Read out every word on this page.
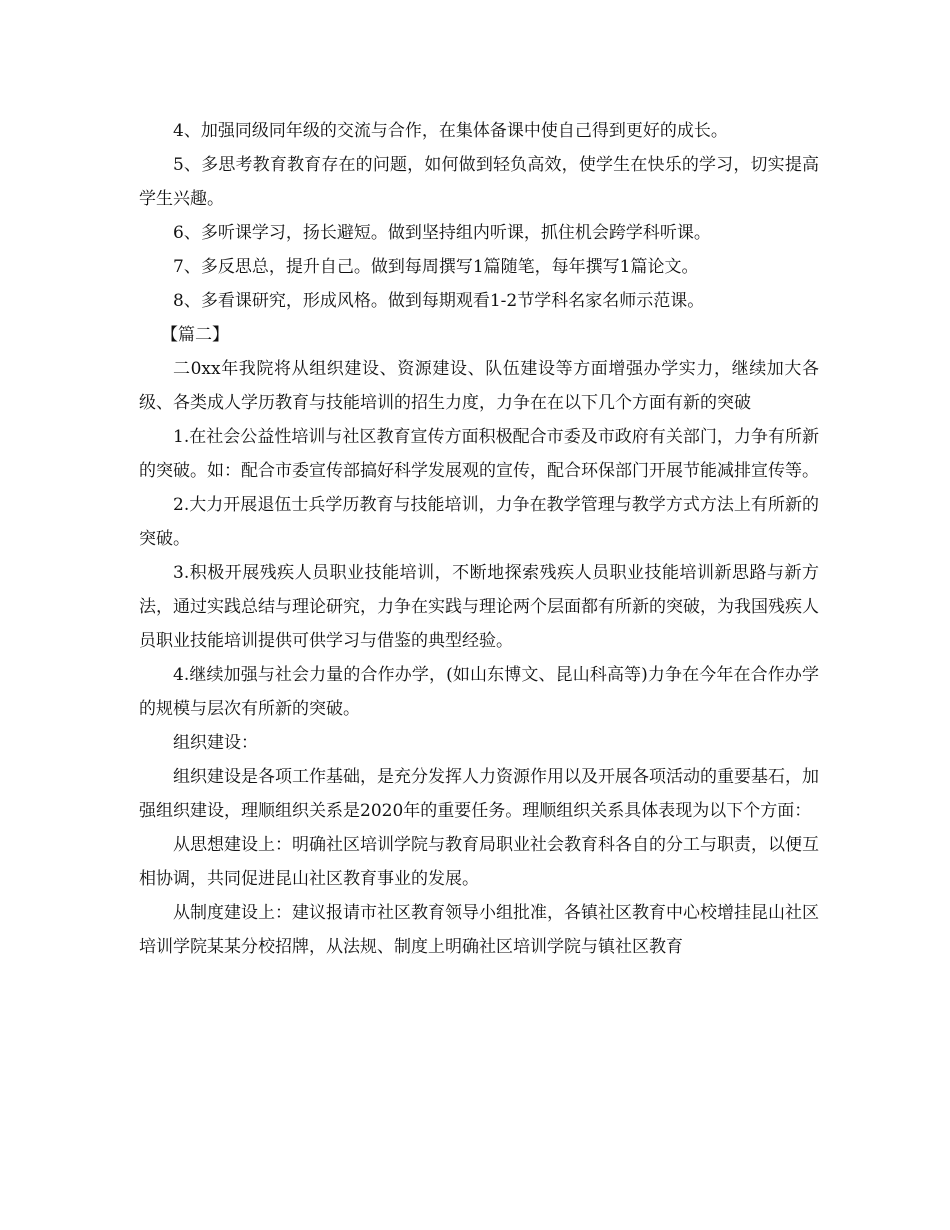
4、加强同级同年级的交流与合作，在集体备课中使自己得到更好的成长。

5、多思考教育教育存在的问题，如何做到轻负高效，使学生在快乐的学习，切实提高学生兴趣。

6、多听课学习，扬长避短。做到坚持组内听课，抓住机会跨学科听课。

7、多反思总，提升自己。做到每周撰写1篇随笔，每年撰写1篇论文。

8、多看课研究，形成风格。做到每期观看1-2节学科名家名师示范课。

【篇二】

二0xx年我院将从组织建设、资源建设、队伍建设等方面增强办学实力，继续加大各级、各类成人学历教育与技能培训的招生力度，力争在在以下几个方面有新的突破

1.在社会公益性培训与社区教育宣传方面积极配合市委及市政府有关部门，力争有所新的突破。如：配合市委宣传部搞好科学发展观的宣传，配合环保部门开展节能减排宣传等。

2.大力开展退伍士兵学历教育与技能培训，力争在教学管理与教学方式方法上有所新的突破。

3.积极开展残疾人员职业技能培训，不断地探索残疾人员职业技能培训新思路与新方法，通过实践总结与理论研究，力争在实践与理论两个层面都有所新的突破，为我国残疾人员职业技能培训提供可供学习与借鉴的典型经验。

4.继续加强与社会力量的合作办学，(如山东博文、昆山科高等)力争在今年在合作办学的规模与层次有所新的突破。

组织建设：

组织建设是各项工作基础，是充分发挥人力资源作用以及开展各项活动的重要基石，加强组织建设，理顺组织关系是2020年的重要任务。理顺组织关系具体表现为以下个方面：

从思想建设上：明确社区培训学院与教育局职业社会教育科各自的分工与职责，以便互相协调，共同促进昆山社区教育事业的发展。

从制度建设上：建议报请市社区教育领导小组批准，各镇社区教育中心校增挂昆山社区培训学院某某分校招牌，从法规、制度上明确社区培训学院与镇社区教育
